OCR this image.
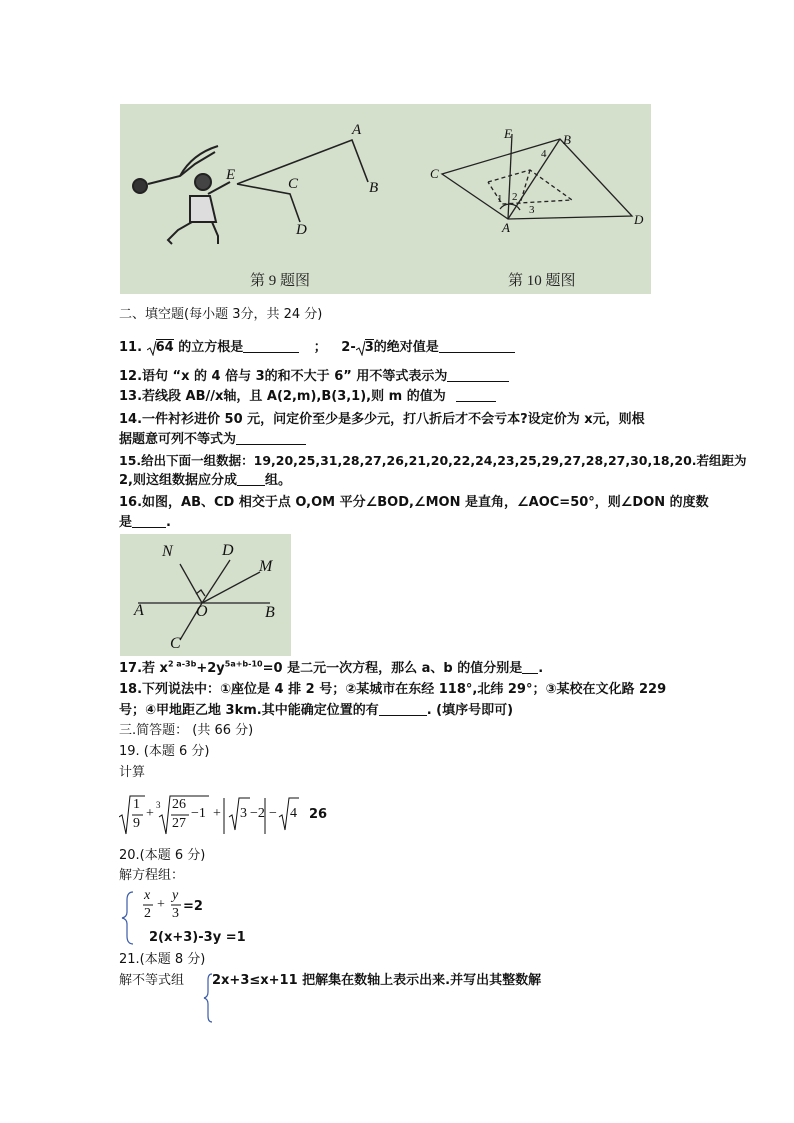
E
C
A
B
D
E	B
C
A
D
1 2
3
4
第 9 题图	第 10 题图
二、填空题(每小题 3分，共 24 分)
11. 64 的立方根是	； 2- 3的绝对值是
12.语句 “x 的 4 倍与 3的和不大于 6” 用不等式表示为
13.若线段 AB//x轴，且 A(2,m),B(3,1),则 m 的值为
14.一件衬衫进价 50 元，问定价至少是多少元，打八折后才不会亏本?设定价为 x元，则根
据题意可列不等式为
15.给出下面一组数据：19,20,25,31,28,27,26,21,20,22,24,23,25,29,27,28,27,30,18,20.若组距为
2,则这组数据应分成 组。
16.如图，AB、CD 相交于点 O,OM 平分∠BOD,∠MON 是直角，∠AOC=50°，则∠DON 的度数
是	.
N	D
M
A	O	B
C
17.若 $x^{2 a-3b}+2y^{5a+b-10}=0$ 是二元一次方程，那么 a、b 的值分别是 .
18.下列说法中：①座位是 4 排 2 号；②某城市在东经 118°,北纬 29°；③某校在文化路 229
号；④甲地距乙地 3km.其中能确定位置的有	. (填序号即可)
三.简答题： (共 66 分)
19. (本题 6 分)
计算
1
9
+
3 26
27
−1 + 3 −2 − 4 26
20.(本题 6 分)
解方程组：
x
2
+
y
3 =2
2(x+3)-3y =1
21.(本题 8 分)
解不等式组 2x+3≤x+11 把解集在数轴上表示出来.并写出其整数解
